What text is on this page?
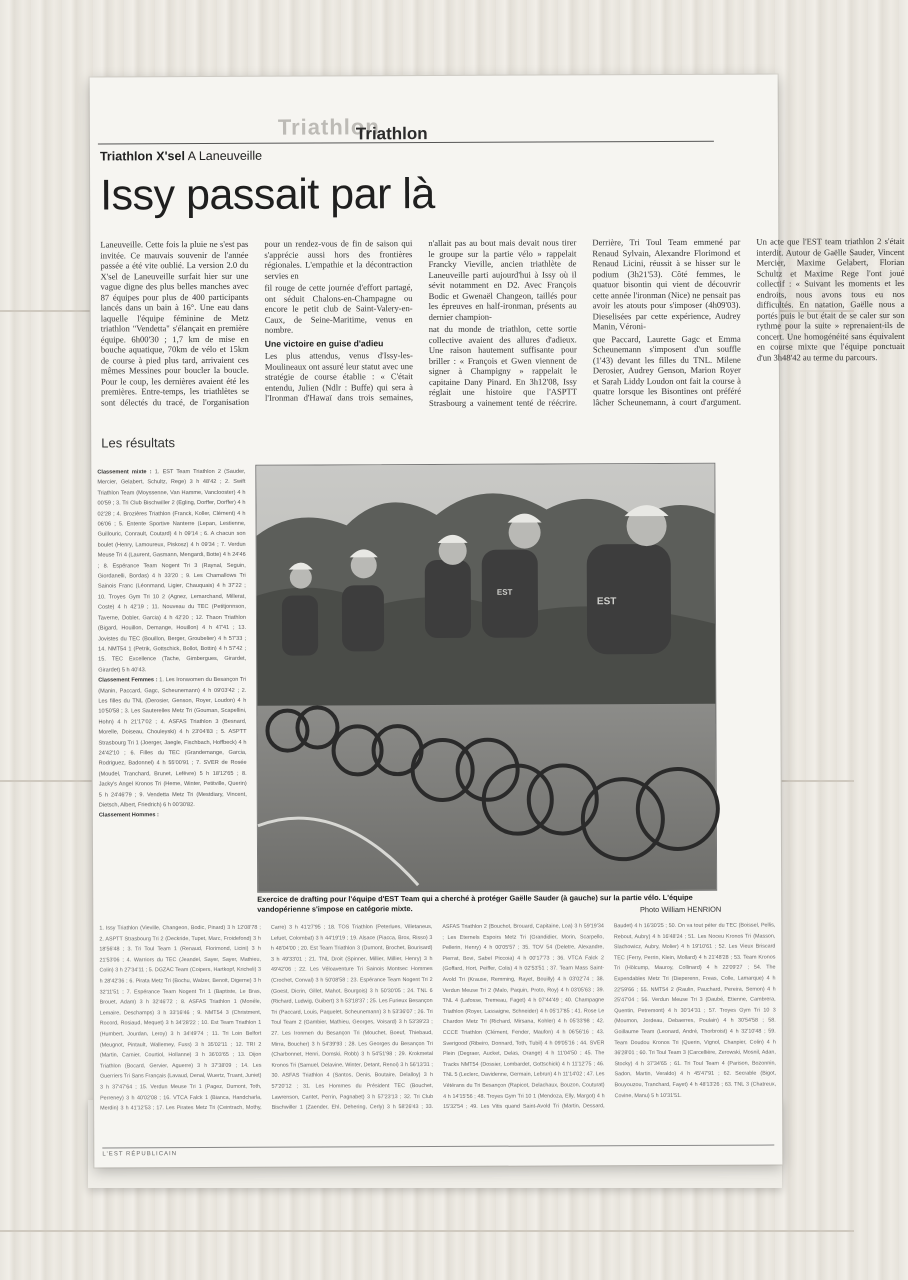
Triathlon
Triathlon
Triathlon X'sel A Laneuveille
Issy passait par là

Laneuveille. Cette fois la pluie ne s'est pas invitée. Ce mauvais souvenir de l'année passée a été vite oublié. La version 2.0 du X'sel de Laneuveille surfait hier sur une vague digne des plus belles manches avec 87 équipes pour plus de 400 participants lancés dans un bain à 16°. Une eau dans laquelle l'équipe féminine de Metz triathlon "Vendetta" s'élançait en première équipe. 6h00'30 ; 1,7 km de mise en bouche aquatique, 70km de vélo et 15km de course à pied plus tard, arrivaient ces mêmes Messines pour boucler la boucle. Pour le coup, les dernières avaient été les premières. Entre-temps, les triathlètes se sont délectés du tracé, de l'organisation pour un rendez-vous de fin de saison qui s'apprécie aussi hors des frontières régionales. L'empathie et la décontraction servies en

fil rouge de cette journée d'effort partagé, ont séduit Chalons-en-Champagne ou encore le petit club de Saint-Valery-en-Caux, de Seine-Maritime, venus en nombre.

Une victoire en guise d'adieu

Les plus attendus, venus d'Issy-les-Moulineaux ont assuré leur statut avec une stratégie de course établie : « C'était entendu, Julien (Ndlr : Buffe) qui sera à l'Ironman d'Hawaï dans trois semaines, n'allait pas au bout mais devait nous tirer le groupe sur la partie vélo » rappelait Francky Vieville, ancien triathlète de Laneuveille parti aujourd'hui à Issy où il sévit notamment en D2. Avec François Bodic et Gwenaël Changeon, taillés pour les épreuves en half-ironman, présents au dernier champion-

nat du monde de triathlon, cette sortie collective avaient des allures d'adieux. Une raison hautement suffisante pour briller : « François et Gwen viennent de signer à Champigny » rappelait le capitaine Dany Pinard. En 3h12'08, Issy réglait une histoire que l'ASPTT Strasbourg a vainement tenté de réécrire. Derrière, Tri Toul Team emmené par Renaud Sylvain, Alexandre Florimond et Renaud Licini, réussit à se hisser sur le podium (3h21'53). Côté femmes, le quatuor bisontin qui vient de découvrir cette année l'ironman (Nice) ne pensait pas avoir les atouts pour s'imposer (4h09'03). Dieselisées par cette expérience, Audrey Manin, Véroni-

que Paccard, Laurette Gagc et Emma Scheunemann s'imposent d'un souffle (1'43) devant les filles du TNL. Milene Derosier, Audrey Genson, Marion Royer et Sarah Liddy Loudon ont fait la course à quatre lorsque les Bisontines ont préféré lâcher Scheunemann, à court d'argument. Un acte que l'EST team triathlon 2 s'était interdit. Autour de Gaëlle Sauder, Vincent Mercier, Maxime Gelabert, Florian Schultz et Maxime Rege l'ont joué collectif : « Suivant les moments et les endroits, nous avons tous eu nos difficultés. En natation, Gaëlle nous a portés puis le but était de se caler sur son rythme pour la suite » reprenaient-ils de concert. Une homogénéité sans équivalent en course mixte que l'équipe ponctuait d'un 3h48'42 au terme du parcours.

Les résultats
Classement mixte : 1. EST Team Triathlon 2 (Sauder, Mercier, Gelabert, Schultz, Rege) 3 h 48'42 ; 2. Swift Triathlon Team (Moyssenne, Van Hamme, Vanclooster) 4 h 00'59 ; 3. Tri Club Bischwiller 2 (Egling, Dorffer, Dorffer) 4 h 02'28 ; 4. Brozières Triathlon (Franck, Koller, Clément) 4 h 06'06 ; 5. Entente Sportive Nanterre (Lepan, Lestienne, Guillouric, Conrault, Coutard) 4 h 09'14 ; 6. A chacun son boulet (Henry, Lamoureux, Piskosz) 4 h 09'34 ; 7. Verdun Meuse Tri 4 (Laurent, Gasmann, Mengardi, Botte) 4 h 24'46 ; 8. Espérance Team Nogent Tri 3 (Raynal, Seguin, Giordanelli, Bordas) 4 h 33'20 ; 9. Les Chamallows Tri Sainois Franc (Léonmand, Ligier, Chauquais) 4 h 37'22 ; 10. Troyes Gym Tri 10 2 (Agnez, Lemarchand, Millerat, Coste) 4 h 42'19 ; 11. Nouveau du TEC (Petitjonnson, Taverne, Dobler, Garcia) 4 h 42'20 ; 12. Thaon Triathlon (Bigard, Houillon, Demange, Houillon) 4 h 47'41 ; 13. Jovistes du TEC (Bouillon, Berger, Groubelier) 4 h 57'33 ; 14. NMT54 1 (Petrik, Gottschick, Bollot, Bottin) 4 h 57'42 ; 15. TEC Excellence (Tache, Gimbergues, Girardet, Girardet) 5 h 40'43.
Classement Femmes : 1. Les Ironwomen du Besançon Tri (Manin, Paccard, Gagc, Scheunemann) 4 h 09'03'42 ; 2. Les filles du TNL (Derosier, Genson, Royer, Loudon) 4 h 10'50'58 ; 3. Les Sauterelles Metz Tri (Gouman, Scapellini, Hohn) 4 h 21'17'02 ; 4. ASFAS Triathlon 3 (Besnard, Morelle, Doiseau, Chouleyski) 4 h 23'04'83 ; 5. ASPTT Strasbourg Tri 1 (Joerger, Jaegle, Fischbach, Hoffbeck) 4 h 24'42'10 ; 6. Filles du TEC (Grandemange, Garcia, Rodriguez, Badonnel) 4 h 55'00'91 ; 7. SVER de Rosée (Moudel, Tranchard, Brunet, Lefèvre) 5 h 18'12'65 ; 8. Jacky's Angel Kronos Tri (Heme, Winter, Petitville, Querin) 5 h 24'46'79 ; 9. Vendetta Metz Tri (Mestdiary, Vincent, Dietsch, Albert, Friedrich) 6 h 00'30'82.
Classement Hommes :
EST
EST
Exercice de drafting pour l'équipe d'EST Team qui a cherché à protéger Gaëlle Sauder (à gauche) sur la partie vélo. L'équipe vandopérienne s'impose en catégorie mixte.	Photo William HENRION
1. Issy Triathlon (Vieville, Changeon, Bodic, Pinard) 3 h 12'08'78 ; 2. ASPTT Strasbourg Tri 2 (Deckride, Tupet, Marc, Froidefond) 3 h 18'56'48 ; 3. Tri Toul Team 1 (Renaud, Florimond, Licini) 3 h 21'53'06 ; 4. Warriors du TEC (Jeandel, Sayer, Sayer, Mathieu, Colin) 3 h 27'34'11 ; 5. DGZAC Team (Coipers, Hartkopf, Kricheli) 3 h 28'42'36 ; 6. Pirata Metz Tri (Bochu, Walzer, Benoit, Digerne) 3 h 32'11'51 ; 7. Espérance Team Nogent Tri 1 (Baptiste, Le Bras, Brouet, Adam) 3 h 32'46'72 ; 8. ASFAS Triathlon 1 (Monéle, Lemaire, Deschamps) 3 h 33'16'46 ; 9. NMT54 3 (Christment, Rocord, Rosiaud, Mequet) 3 h 34'28'22 ; 10. Est Team Triathlon 1 (Humbert, Jourdan, Leroy) 3 h 34'49'74 ; 11. Tri Loin Belfort (Meugnot, Pintault, Wallemey, Fuss) 3 h 35'02'11 ; 12. TRI 2 (Martin, Carnier, Courtiol, Hollanne) 3 h 36'03'65 ; 13. Dijon Triathlon (Bocard, Gervier, Aguerre) 3 h 37'38'09 ; 14. Les Guerriers Tri Sans Français (Lavaud, Denal, Wuertz, Truant, Juniet) 3 h 37'47'64 ; 15. Verdun Meuse Tri 1 (Pagez, Dumont, Toth, Perreney) 3 h 40'02'08 ; 16. VTCA Falck 1 (Bianca, Handcharla, Merdin) 3 h 41'12'53 ; 17. Les Pirates Metz Tri (Ceintrach, Mothy, Carre) 3 h 41'27'95 ; 18. TOS Triathlon (Peterlues, Villetaneus, Lefuet, Colombat) 3 h 44'19'19 ; 19. Alsace (Piacca, Brox, Risso) 3 h 48'04'00 ; 20. Est Team Triathlon 3 (Dumont, Brochet, Bourisard) 3 h 49'33'01 ; 21. TNL Droit (Spinner, Millier, Millier, Henry) 3 h 49'42'06 ; 22. Les Véloaventure Tri Sainois Montsec Hommes (Crochet, Conval) 3 h 50'08'58 ; 23. Espérance Team Nogent Tri 2 (Goest, Dicrin, Gillet, Mahot, Bourgois) 3 h 50'30'05 ; 24. TNL 6 (Richard, Ludwig, Guibert) 3 h 53'18'37 ; 25. Les Furieux Besançon Tri (Paccard, Louis, Paquelet, Scheunemann) 3 h 53'36'07 ; 26. Tri Toul Team 2 (Gambier, Mathieu, Georges, Voisard) 3 h 53'39'23 ; 27. Les Ironmen du Besançon Tri (Mouchet, Boeuf, Thiebaud, Mirra, Boucher) 3 h 54'39'93 ; 28. Les Georges du Besançon Tri (Charbonnet, Henri, Domski, Robb) 3 h 54'51'98 ; 29. Krokmetal Kronos Tri (Samuel, Delavine, Winter, Detant, Renoi) 3 h 56'13'31 ; 30. ASFAS Triathlon 4 (Santos, Denis, Boutaire, Delalloy) 3 h 57'20'12 ; 31. Les Hommes du Président TEC (Bouchet, Lawrenson, Cantet, Perrin, Pagnabet) 3 h 57'23'13 ; 32. Tri Club Bischwiller 1 (Zaender, Ehl, Dehering, Cerly) 3 h 58'26'43 ; 33. ASFAS Triathlon 2 (Bouchot, Brouard, Capitaine, Loa) 3 h 59'19'34 ; Les Eternels Espoirs Metz Tri (Grandidier, Morin, Scarpello, Pellerin, Henry) 4 h 00'05'57 ; 35. TOV 54 (Deletre, Alexandre, Pierrat, Bovi, Sabel Piccoia) 4 h 00'17'73 ; 36. VTCA Falck 2 (Goffard, Hort, Peiffer, Colis) 4 h 02'53'51 ; 37. Team Mass Saint-Avold Tri (Krause, Remming, Rayet, Bouilly) 4 h 03'02'74 ; 38. Verdun Meuse Tri 2 (Malo, Paquin, Proto, Roy) 4 h 03'05'63 ; 39. TNL 4 (Lafosse, Tremeau, Faget) 4 h 07'44'49 ; 40. Champagne Triathlon (Royer, Lassaigne, Schneider) 4 h 05'17'85 ; 41. Rose Le Chardon Metz Tri (Richard, Mirsana, Kohler) 4 h 05'33'98 ; 42. CCCE Triathlon (Clément, Fender, Maufon) 4 h 06'56'16 ; 43. Sverigood (Ribeiro, Donnard, Toth, Tubil) 4 h 09'05'16 ; 44. SVER Plein (Degraer, Aucket, Delas, Orange) 4 h 11'04'50 ; 45. The Tracks NMT54 (Dossier, Lombardet, Gottschick) 4 h 11'12'75 ; 46. TNL 5 (Leclerc, Davidenne, Germain, Lebrun) 4 h 11'14'02 ; 47. Les Vétérans du Tri Besançon (Rapicot, Delachaux, Bouzon, Couturat) 4 h 14'15'56 ; 48. Troyes Gym Tri 10 1 (Mendoza, Elly, Margot) 4 h 15'32'54 ; 49. Les Vitis quand Saint-Avold Tri (Martin, Dessard, Baudet) 4 h 16'30'25 ; 50. On va tout péter du TEC (Boissel, Pellis, Rebout, Aubry) 4 h 16'48'24 ; 51. Les Noceu Kronos Tri (Masson, Slachowicz, Aubry, Molier) 4 h 19'10'61 ; 52. Les Vieux Briscard TEC (Ferry, Perrin, Klein, Mollard) 4 h 21'48'28 ; 53. Team Kronos Tri (Hölcump, Mauroy, Collinard) 4 h 22'09'27 ; 54. The Expendables Metz Tri (Dieperenn, Freas, Colle, Lamarque) 4 h 22'59'66 ; 55. NMT54 2 (Raulin, Pauchard, Pereira, Semon) 4 h 25'47'04 ; 56. Verdun Meuse Tri 3 (Daubé, Etienne, Cambrera, Quentin, Petremont) 4 h 30'14'31 ; 57. Troyes Gym Tri 10 3 (Moumon, Jordeau, Debaerres, Poulain) 4 h 30'54'58 ; 58. Goillaume Team (Leonard, André, Thorbroist) 4 h 32'10'48 ; 59. Team Doudou Kronos Tri (Querin, Vignol, Chanpier, Colin) 4 h 36'28'01 ; 60. Tri Toul Team 3 (Carcellière, Zerowski, Mosnil, Adan, Stocky) 4 h 37'34'65 ; 61. Tri Toul Team 4 (Parison, Bozonnin, Sadon, Martin, Veraldo) 4 h 45'47'91 ; 62. Secrable (Bigot, Bouyouzou, Tranchard, Fayet) 4 h 48'13'26 ; 63. TNL 3 (Chatreux, Covine, Manu) 5 h 10'31'51.
L'EST RÉPUBLICAIN
